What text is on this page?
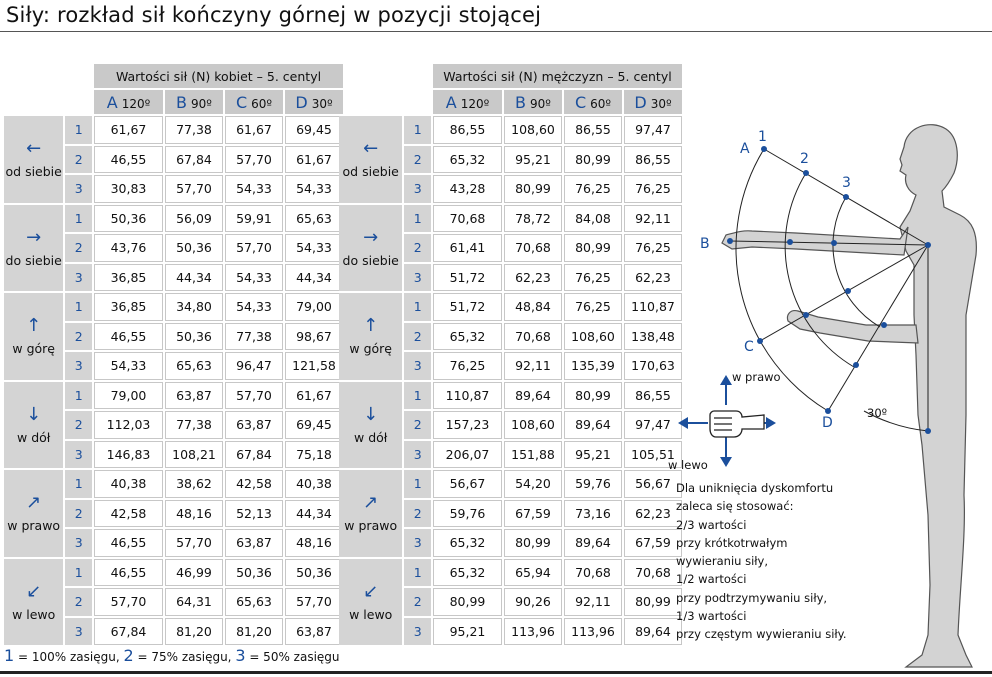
Siły: rozkład sił kończyny górnej w pozycji stojącej
		Wartości sił (N) kobiet – 5. centyl			
		A 120º	B 90º	C 60º	D 30º

←
od siebie	1	61,67	77,38	61,67	69,45
	2	46,55	67,84	57,70	61,67
	3	30,83	57,70	54,33	54,33

→
do siebie	1	50,36	56,09	59,91	65,63
	2	43,76	50,36	57,70	54,33
	3	36,85	44,34	54,33	44,34

↑
w górę	1	36,85	34,80	54,33	79,00
	2	46,55	50,36	77,38	98,67
	3	54,33	65,63	96,47	121,58

↓
w dół	1	79,00	63,87	57,70	61,67
	2	112,03	77,38	63,87	69,45
	3	146,83	108,21	67,84	75,18

↗
w prawo	1	40,38	38,62	42,58	40,38
	2	42,58	48,16	52,13	44,34
	3	46,55	57,70	63,87	48,16

↙
w lewo	1	46,55	46,99	50,36	50,36
	2	57,70	64,31	65,63	57,70
	3	67,84	81,20	81,20	63,87
		Wartości sił (N) mężczyzn – 5. centyl			
		A 120º	B 90º	C 60º	D 30º

←
od siebie	1	86,55	108,60	86,55	97,47
	2	65,32	95,21	80,99	86,55
	3	43,28	80,99	76,25	76,25

→
do siebie	1	70,68	78,72	84,08	92,11
	2	61,41	70,68	80,99	76,25
	3	51,72	62,23	76,25	62,23

↑
w górę	1	51,72	48,84	76,25	110,87
	2	65,32	70,68	108,60	138,48
	3	76,25	92,11	135,39	170,63

↓
w dół	1	110,87	89,64	80,99	86,55
	2	157,23	108,60	89,64	97,47
	3	206,07	151,88	95,21	105,51

↗
w prawo	1	56,67	54,20	59,76	56,67
	2	59,76	67,59	73,16	62,23
	3	65,32	80,99	89,64	67,59

↙
w lewo	1	65,32	65,94	70,68	70,68
	2	80,99	90,26	92,11	80,99
	3	95,21	113,96	113,96	89,64
1 = 100% zasięgu, 2 = 75% zasięgu, 3 = 50% zasięgu
A
1
2
3
B
C
D
30º
w prawo
w lewo
Dla uniknięcia dyskomfortu
zaleca się stosować:
2/3 wartości
przy krótkotrwałym
wywieraniu siły,
1/2 wartości
przy podtrzymywaniu siły,
1/3 wartości
przy częstym wywieraniu siły.
